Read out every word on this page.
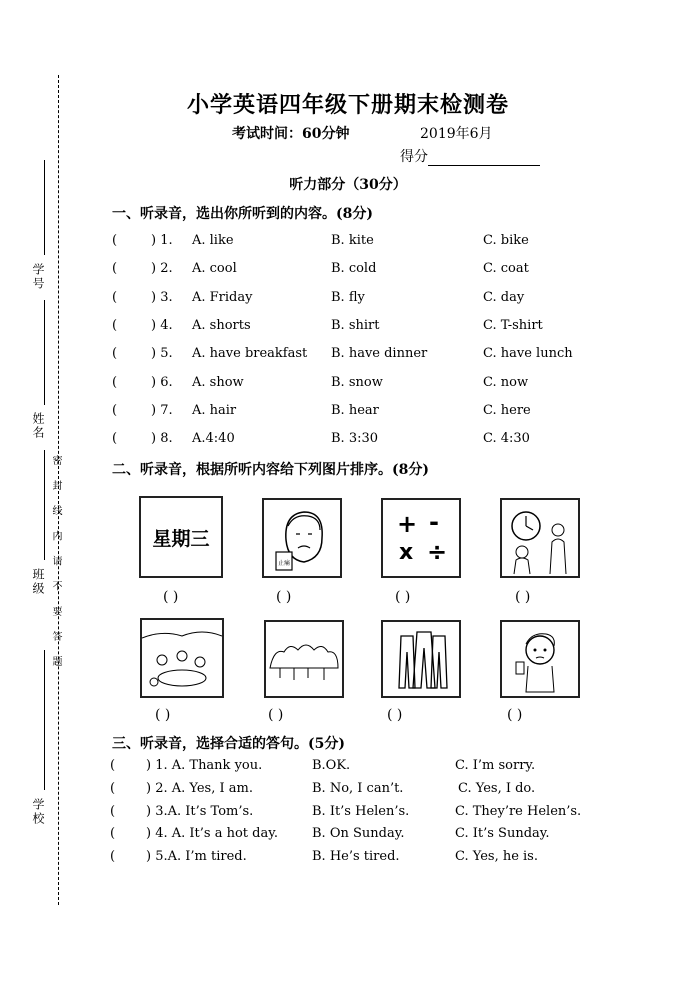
学号
姓名
班级 密 封 线 内 请 不 要 答 题
学校
小学英语四年级下册期末检测卷
考试时间：60分钟	2019年6月
得分
听力部分（30分）
一、听录音，选出你所听到的内容。(8分)
(	) 1. A. like	B. kite	C. bike
(	) 2. A. cool	B. cold	C. coat
(	) 3. A. Friday	B. fly	C. day
(	) 4. A. shorts	B. shirt	C. T-shirt
(	) 5. A. have breakfast B. have dinner	C. have lunch
(	) 6. A. show	B. snow	C. now
(	) 7. A. hair	B. hear	C. here
(	) 8. A.4:40	B. 3:30	C. 4:30
二、听录音，根据所听内容给下列图片排序。(8分)
星期三
止痛
+ -
x ÷
( )	( )	( )	( )
( )	( )	( )	( )
三、听录音，选择合适的答句。(5分)
( ) 1. A. Thank you.	B.OK.	C. I’m sorry.
( ) 2. A. Yes, I am.	B. No, I can’t.	C. Yes, I do.
( ) 3.A. It’s Tom’s.	B. It’s Helen’s.	C. They’re Helen’s.
( ) 4. A. It’s a hot day.	B. On Sunday.	C. It’s Sunday.
( ) 5.A. I’m tired.	B. He’s tired.	C. Yes, he is.
